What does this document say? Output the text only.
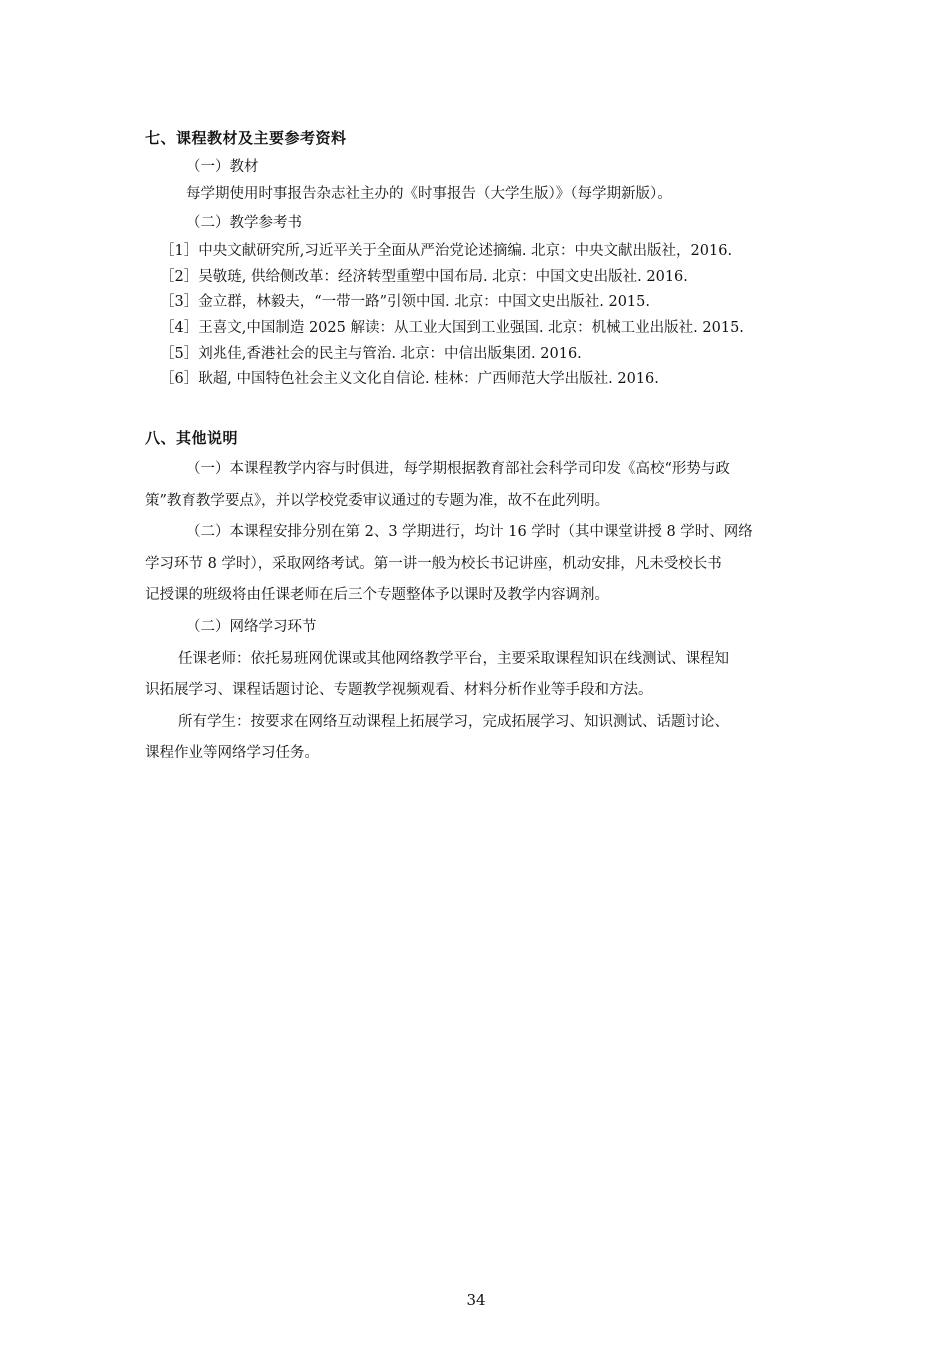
七、课程教材及主要参考资料
（一）教材
每学期使用时事报告杂志社主办的《时事报告（大学生版）》（每学期新版）。
（二）教学参考书
［1］中央文献研究所,习近平关于全面从严治党论述摘编. 北京：中央文献出版社，2016.
［2］吴敬琏, 供给侧改革：经济转型重塑中国布局. 北京：中国文史出版社. 2016.
［3］金立群，林毅夫，“一带一路”引领中国. 北京：中国文史出版社. 2015.
［4］王喜文,中国制造 2025 解读：从工业大国到工业强国. 北京：机械工业出版社. 2015.
［5］刘兆佳,香港社会的民主与管治. 北京：中信出版集团. 2016.
［6］耿超, 中国特色社会主义文化自信论. 桂林：广西师范大学出版社. 2016.
八、其他说明
（一）本课程教学内容与时俱进，每学期根据教育部社会科学司印发《高校“形势与政
策”教育教学要点》，并以学校党委审议通过的专题为准，故不在此列明。
（二）本课程安排分别在第 2、3 学期进行，均计 16 学时（其中课堂讲授 8 学时、网络
学习环节 8 学时），采取网络考试。第一讲一般为校长书记讲座，机动安排，凡未受校长书
记授课的班级将由任课老师在后三个专题整体予以课时及教学内容调剂。
（二）网络学习环节
任课老师：依托易班网优课或其他网络教学平台，主要采取课程知识在线测试、课程知
识拓展学习、课程话题讨论、专题教学视频观看、材料分析作业等手段和方法。
所有学生：按要求在网络互动课程上拓展学习，完成拓展学习、知识测试、话题讨论、
课程作业等网络学习任务。
34
